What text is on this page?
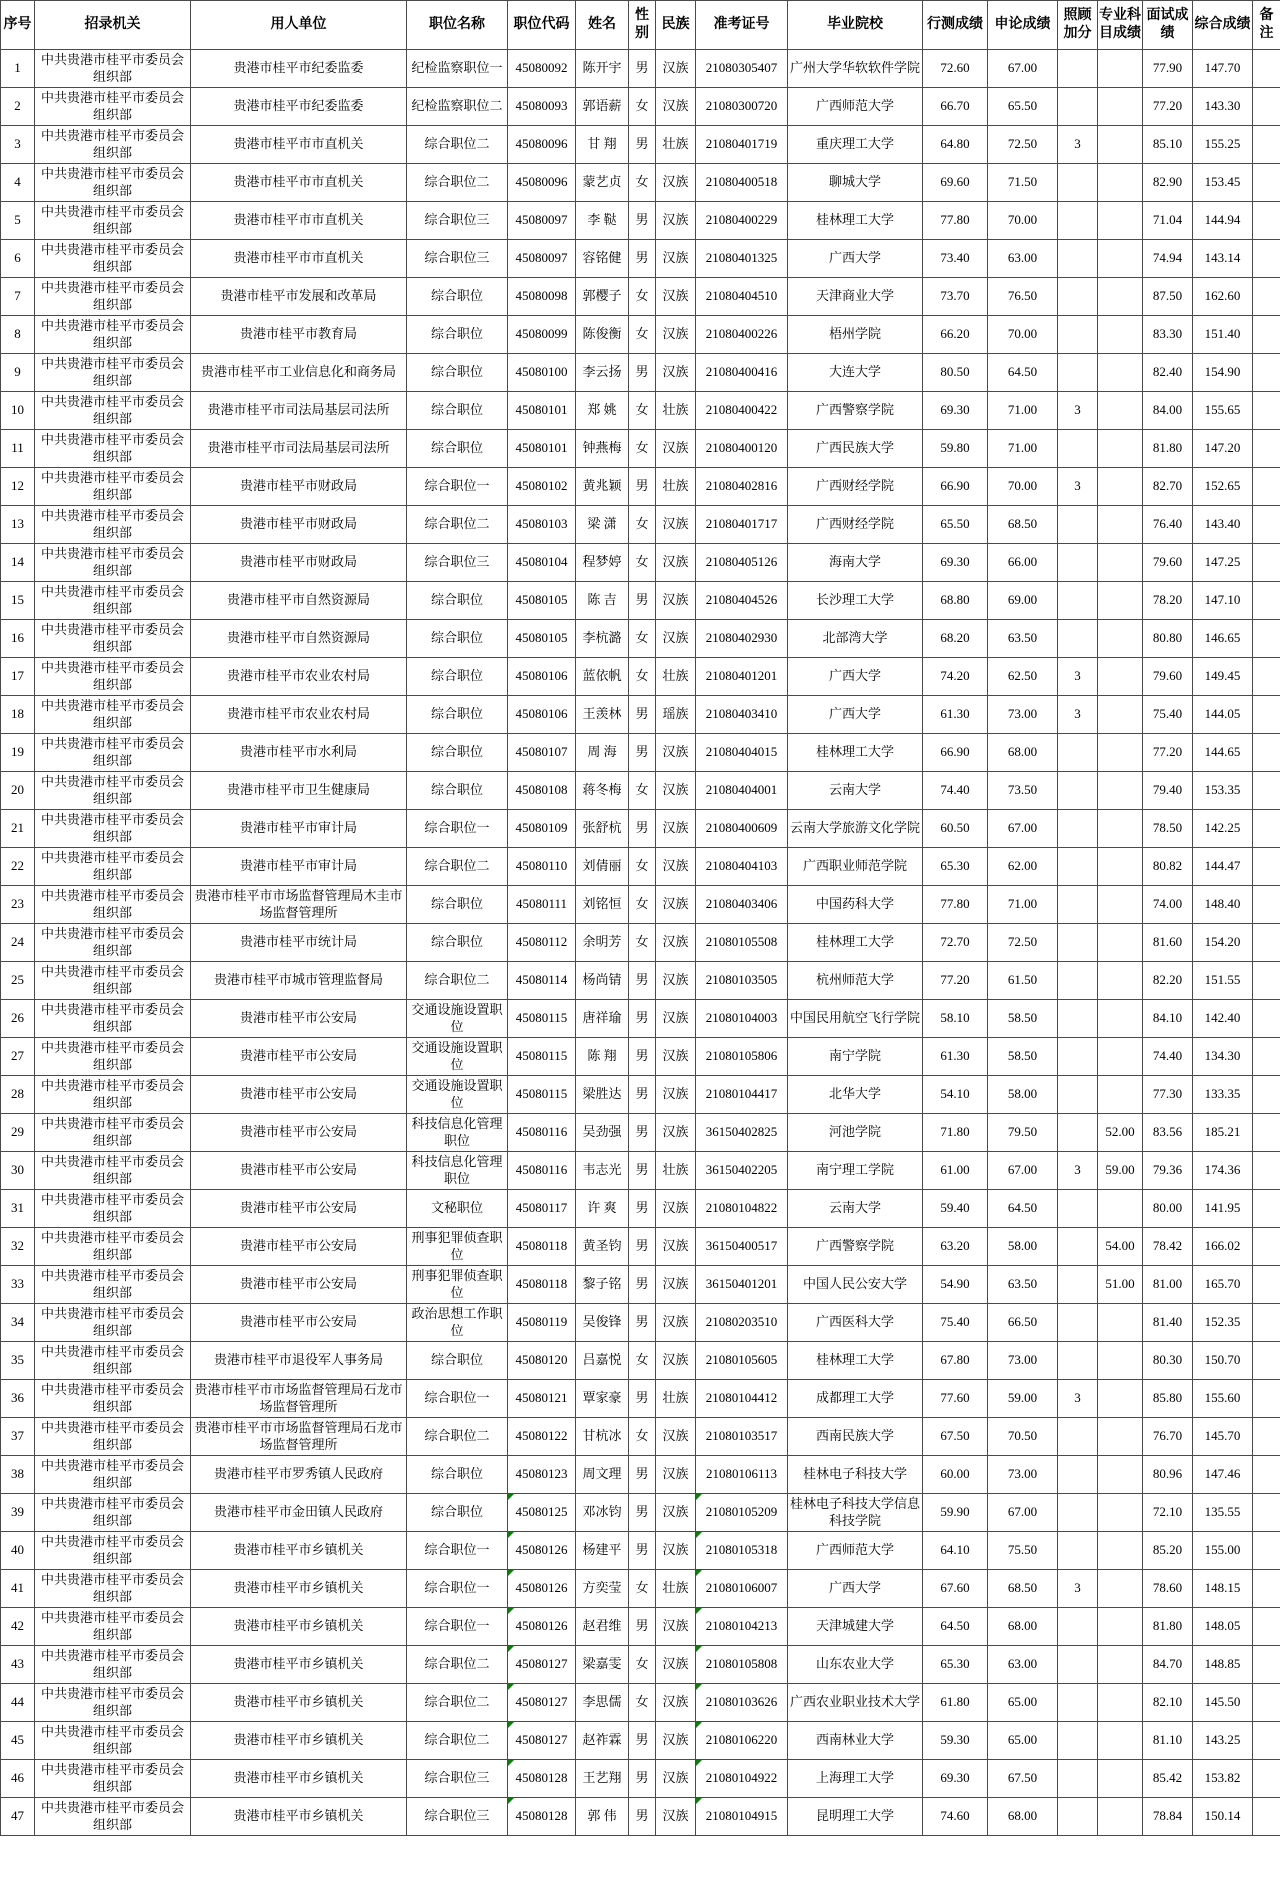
序号	招录机关	用人单位	职位名称	职位代码	姓名	性别	民族	准考证号	毕业院校	行测成绩	申论成绩	照顾加分	专业科目成绩	面试成绩	综合成绩	备注
1	中共贵港市桂平市委员会组织部	贵港市桂平市纪委监委	纪检监察职位一	45080092	陈开宇	男	汉族	21080305407	广州大学华软软件学院	72.60	67.00			77.90	147.70	
2	中共贵港市桂平市委员会组织部	贵港市桂平市纪委监委	纪检监察职位二	45080093	郭语薪	女	汉族	21080300720	广西师范大学	66.70	65.50			77.20	143.30	
3	中共贵港市桂平市委员会组织部	贵港市桂平市市直机关	综合职位二	45080096	甘 翔	男	壮族	21080401719	重庆理工大学	64.80	72.50	3		85.10	155.25	
4	中共贵港市桂平市委员会组织部	贵港市桂平市市直机关	综合职位二	45080096	蒙艺贞	女	汉族	21080400518	聊城大学	69.60	71.50			82.90	153.45	
5	中共贵港市桂平市委员会组织部	贵港市桂平市市直机关	综合职位三	45080097	李 鞑	男	汉族	21080400229	桂林理工大学	77.80	70.00			71.04	144.94	
6	中共贵港市桂平市委员会组织部	贵港市桂平市市直机关	综合职位三	45080097	容铭健	男	汉族	21080401325	广西大学	73.40	63.00			74.94	143.14	
7	中共贵港市桂平市委员会组织部	贵港市桂平市发展和改革局	综合职位	45080098	郭樱子	女	汉族	21080404510	天津商业大学	73.70	76.50			87.50	162.60	
8	中共贵港市桂平市委员会组织部	贵港市桂平市教育局	综合职位	45080099	陈俊衡	女	汉族	21080400226	梧州学院	66.20	70.00			83.30	151.40	
9	中共贵港市桂平市委员会组织部	贵港市桂平市工业信息化和商务局	综合职位	45080100	李云扬	男	汉族	21080400416	大连大学	80.50	64.50			82.40	154.90	
10	中共贵港市桂平市委员会组织部	贵港市桂平市司法局基层司法所	综合职位	45080101	郑 姚	女	壮族	21080400422	广西警察学院	69.30	71.00	3		84.00	155.65	
11	中共贵港市桂平市委员会组织部	贵港市桂平市司法局基层司法所	综合职位	45080101	钟燕梅	女	汉族	21080400120	广西民族大学	59.80	71.00			81.80	147.20	
12	中共贵港市桂平市委员会组织部	贵港市桂平市财政局	综合职位一	45080102	黄兆颖	男	壮族	21080402816	广西财经学院	66.90	70.00	3		82.70	152.65	
13	中共贵港市桂平市委员会组织部	贵港市桂平市财政局	综合职位二	45080103	梁 潇	女	汉族	21080401717	广西财经学院	65.50	68.50			76.40	143.40	
14	中共贵港市桂平市委员会组织部	贵港市桂平市财政局	综合职位三	45080104	程梦婷	女	汉族	21080405126	海南大学	69.30	66.00			79.60	147.25	
15	中共贵港市桂平市委员会组织部	贵港市桂平市自然资源局	综合职位	45080105	陈 吉	男	汉族	21080404526	长沙理工大学	68.80	69.00			78.20	147.10	
16	中共贵港市桂平市委员会组织部	贵港市桂平市自然资源局	综合职位	45080105	李杭潞	女	汉族	21080402930	北部湾大学	68.20	63.50			80.80	146.65	
17	中共贵港市桂平市委员会组织部	贵港市桂平市农业农村局	综合职位	45080106	蓝依帆	女	壮族	21080401201	广西大学	74.20	62.50	3		79.60	149.45	
18	中共贵港市桂平市委员会组织部	贵港市桂平市农业农村局	综合职位	45080106	王羡林	男	瑶族	21080403410	广西大学	61.30	73.00	3		75.40	144.05	
19	中共贵港市桂平市委员会组织部	贵港市桂平市水利局	综合职位	45080107	周 海	男	汉族	21080404015	桂林理工大学	66.90	68.00			77.20	144.65	
20	中共贵港市桂平市委员会组织部	贵港市桂平市卫生健康局	综合职位	45080108	蒋冬梅	女	汉族	21080404001	云南大学	74.40	73.50			79.40	153.35	
21	中共贵港市桂平市委员会组织部	贵港市桂平市审计局	综合职位一	45080109	张舒杭	男	汉族	21080400609	云南大学旅游文化学院	60.50	67.00			78.50	142.25	
22	中共贵港市桂平市委员会组织部	贵港市桂平市审计局	综合职位二	45080110	刘倩丽	女	汉族	21080404103	广西职业师范学院	65.30	62.00			80.82	144.47	
23	中共贵港市桂平市委员会组织部	贵港市桂平市市场监督管理局木圭市场监督管理所	综合职位	45080111	刘铭恒	女	汉族	21080403406	中国药科大学	77.80	71.00			74.00	148.40	
24	中共贵港市桂平市委员会组织部	贵港市桂平市统计局	综合职位	45080112	余明芳	女	汉族	21080105508	桂林理工大学	72.70	72.50			81.60	154.20	
25	中共贵港市桂平市委员会组织部	贵港市桂平市城市管理监督局	综合职位二	45080114	杨尚锖	男	汉族	21080103505	杭州师范大学	77.20	61.50			82.20	151.55	
26	中共贵港市桂平市委员会组织部	贵港市桂平市公安局	交通设施设置职位	45080115	唐祥瑜	男	汉族	21080104003	中国民用航空飞行学院	58.10	58.50			84.10	142.40	
27	中共贵港市桂平市委员会组织部	贵港市桂平市公安局	交通设施设置职位	45080115	陈 翔	男	汉族	21080105806	南宁学院	61.30	58.50			74.40	134.30	
28	中共贵港市桂平市委员会组织部	贵港市桂平市公安局	交通设施设置职位	45080115	梁胜达	男	汉族	21080104417	北华大学	54.10	58.00			77.30	133.35	
29	中共贵港市桂平市委员会组织部	贵港市桂平市公安局	科技信息化管理职位	45080116	吴劲强	男	汉族	36150402825	河池学院	71.80	79.50		52.00	83.56	185.21	
30	中共贵港市桂平市委员会组织部	贵港市桂平市公安局	科技信息化管理职位	45080116	韦志光	男	壮族	36150402205	南宁理工学院	61.00	67.00	3	59.00	79.36	174.36	
31	中共贵港市桂平市委员会组织部	贵港市桂平市公安局	文秘职位	45080117	许 爽	男	汉族	21080104822	云南大学	59.40	64.50			80.00	141.95	
32	中共贵港市桂平市委员会组织部	贵港市桂平市公安局	刑事犯罪侦查职位	45080118	黄圣钧	男	汉族	36150400517	广西警察学院	63.20	58.00		54.00	78.42	166.02	
33	中共贵港市桂平市委员会组织部	贵港市桂平市公安局	刑事犯罪侦查职位	45080118	黎子铭	男	汉族	36150401201	中国人民公安大学	54.90	63.50		51.00	81.00	165.70	
34	中共贵港市桂平市委员会组织部	贵港市桂平市公安局	政治思想工作职位	45080119	吴俊锋	男	汉族	21080203510	广西医科大学	75.40	66.50			81.40	152.35	
35	中共贵港市桂平市委员会组织部	贵港市桂平市退役军人事务局	综合职位	45080120	吕嘉悦	女	汉族	21080105605	桂林理工大学	67.80	73.00			80.30	150.70	
36	中共贵港市桂平市委员会组织部	贵港市桂平市市场监督管理局石龙市场监督管理所	综合职位一	45080121	覃家豪	男	壮族	21080104412	成都理工大学	77.60	59.00	3		85.80	155.60	
37	中共贵港市桂平市委员会组织部	贵港市桂平市市场监督管理局石龙市场监督管理所	综合职位二	45080122	甘杭冰	女	汉族	21080103517	西南民族大学	67.50	70.50			76.70	145.70	
38	中共贵港市桂平市委员会组织部	贵港市桂平市罗秀镇人民政府	综合职位	45080123	周文理	男	汉族	21080106113	桂林电子科技大学	60.00	73.00			80.96	147.46	
39	中共贵港市桂平市委员会组织部	贵港市桂平市金田镇人民政府	综合职位	45080125	邓冰钧	男	汉族	21080105209	桂林电子科技大学信息科技学院	59.90	67.00			72.10	135.55	
40	中共贵港市桂平市委员会组织部	贵港市桂平市乡镇机关	综合职位一	45080126	杨建平	男	汉族	21080105318	广西师范大学	64.10	75.50			85.20	155.00	
41	中共贵港市桂平市委员会组织部	贵港市桂平市乡镇机关	综合职位一	45080126	方奕莹	女	壮族	21080106007	广西大学	67.60	68.50	3		78.60	148.15	
42	中共贵港市桂平市委员会组织部	贵港市桂平市乡镇机关	综合职位一	45080126	赵君维	男	汉族	21080104213	天津城建大学	64.50	68.00			81.80	148.05	
43	中共贵港市桂平市委员会组织部	贵港市桂平市乡镇机关	综合职位二	45080127	梁嘉雯	女	汉族	21080105808	山东农业大学	65.30	63.00			84.70	148.85	
44	中共贵港市桂平市委员会组织部	贵港市桂平市乡镇机关	综合职位二	45080127	李思儒	女	汉族	21080103626	广西农业职业技术大学	61.80	65.00			82.10	145.50	
45	中共贵港市桂平市委员会组织部	贵港市桂平市乡镇机关	综合职位二	45080127	赵祚霖	男	汉族	21080106220	西南林业大学	59.30	65.00			81.10	143.25	
46	中共贵港市桂平市委员会组织部	贵港市桂平市乡镇机关	综合职位三	45080128	王艺翔	男	汉族	21080104922	上海理工大学	69.30	67.50			85.42	153.82	
47	中共贵港市桂平市委员会组织部	贵港市桂平市乡镇机关	综合职位三	45080128	郭 伟	男	汉族	21080104915	昆明理工大学	74.60	68.00			78.84	150.14	
